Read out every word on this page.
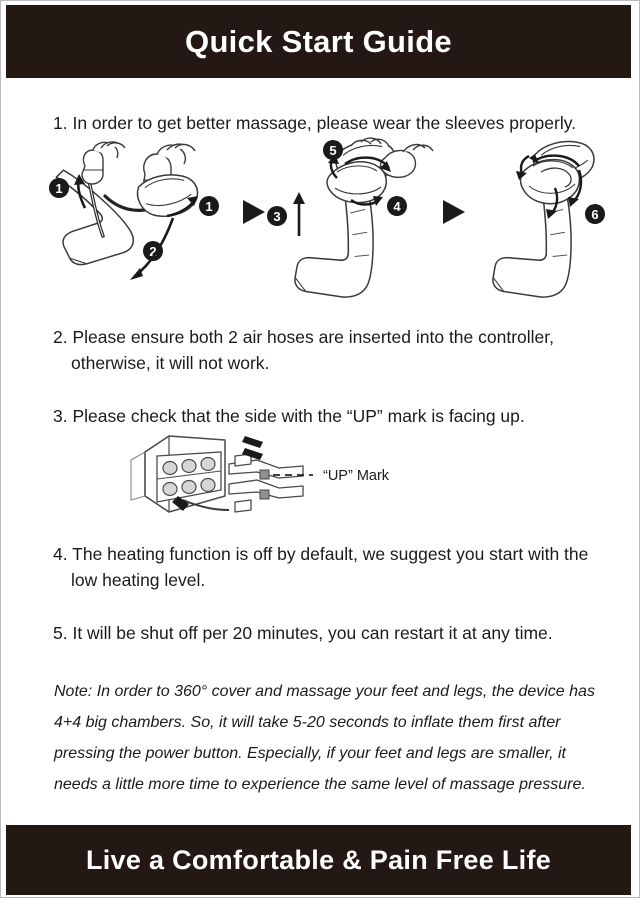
Quick Start Guide
1. In order to get better massage, please wear the sleeves properly.
1
1
2
3
4
5
6
2. Please ensure both 2 air hoses are inserted into the controller, otherwise, it will not work.
3. Please check that the side with the “UP” mark is facing up.
“UP” Mark
4. The heating function is off by default, we suggest you start with the low heating level.
5. It will be shut off per 20 minutes, you can restart it at any time.
Note: In order to 360° cover and massage your feet and legs, the device has 4+4 big chambers. So, it will take 5-20 seconds to inflate them first after pressing the power button. Especially, if your feet and legs are smaller, it needs a little more time to experience the same level of massage pressure.
Live a Comfortable & Pain Free Life
